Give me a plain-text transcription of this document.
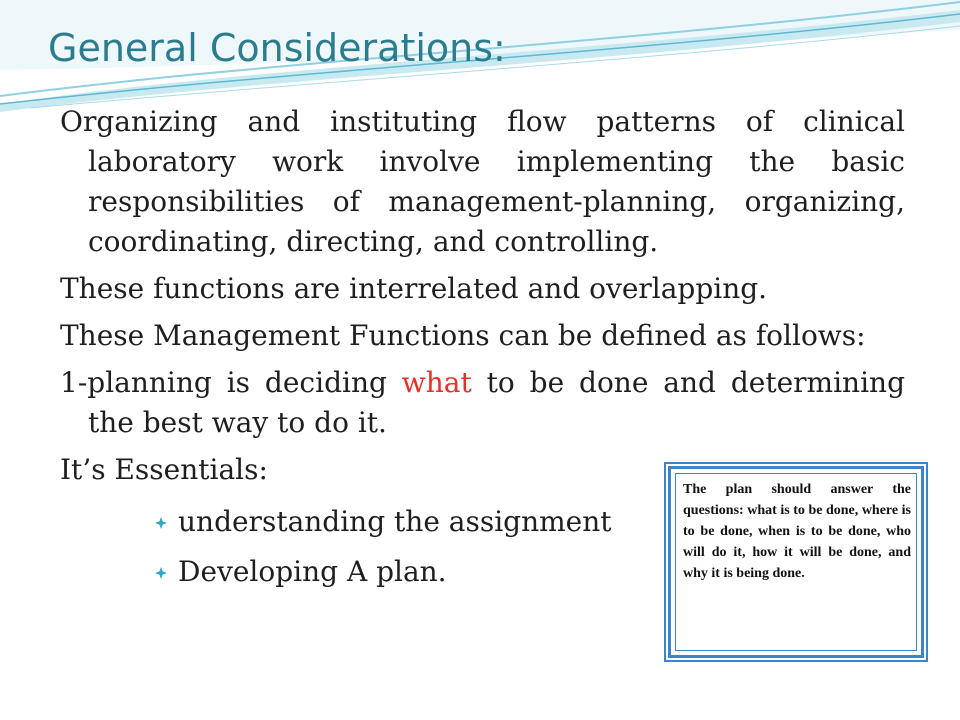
General Considerations:

Organizing and instituting flow patterns of clinical laboratory work involve implementing the basic responsibilities of management-planning, organizing, coordinating, directing, and controlling.

These functions are interrelated and overlapping.

These Management Functions can be defined as follows:

1-planning is deciding what to be done and determining the best way to do it.

It’s Essentials:

understanding the assignment
Developing A plan.

The plan should answer the questions: what is to be done, where is to be done, when is to be done, who will do it, how it will be done, and why it is being done.
